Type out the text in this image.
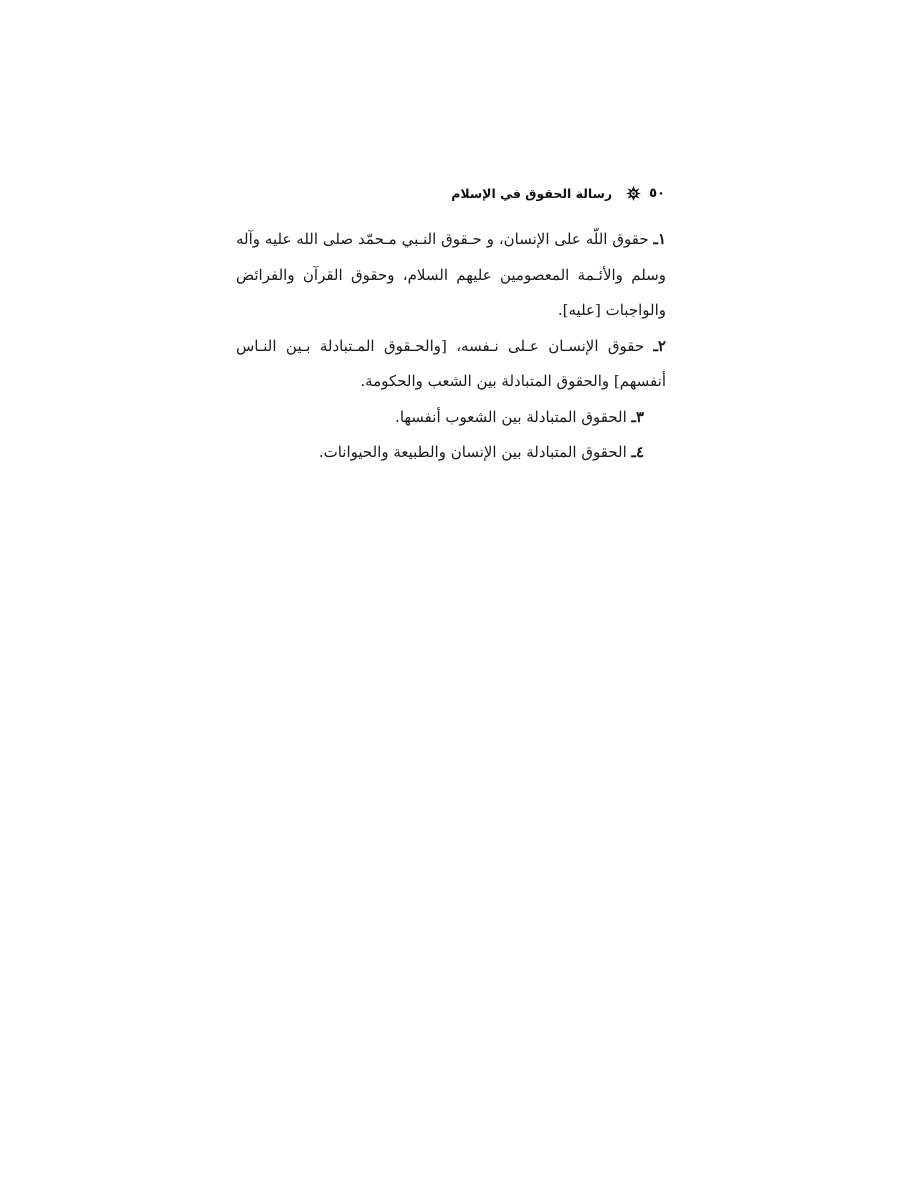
٥٠
رسالة الحقوق في الإسلام

١ـ حقوق اللّه على الإنسان، و حـقوق النـبي مـحمّد صلى الله عليه وآله وسلم والأئـمة المعصومين عليهم السلام، وحقوق القرآن والفرائض والواجبات [عليه].

٢ـ حقوق الإنسـان عـلى نـفسه، [والحـقوق المـتبادلة بـين النـاس أنفسهم] والحقوق المتبادلة بين الشعب والحكومة.

٣ـ الحقوق المتبادلة بين الشعوب أنفسها.

٤ـ الحقوق المتبادلة بين الإنسان والطبيعة والحيوانات.
